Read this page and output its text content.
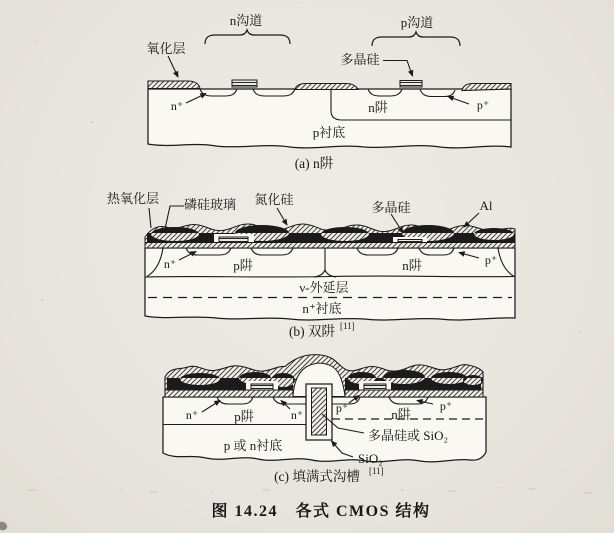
n沟道	p沟道
氧化层
多晶硅
n⁺	n阱	p⁺
p衬底
(a) n阱
热氧化层 磷硅玻璃 氮化硅
多晶硅	Al
n⁺	p阱	n阱	p⁺
ν-外延层
n⁺衬底
(b) 双阱 [11]
n⁺	p阱	n⁺	p⁺	n阱
p⁺
p 或 n衬底
多晶硅或 SiO₂
SiO₂
(c) 填满式沟槽 [11]
图 14.24　各式 CMOS 结构
